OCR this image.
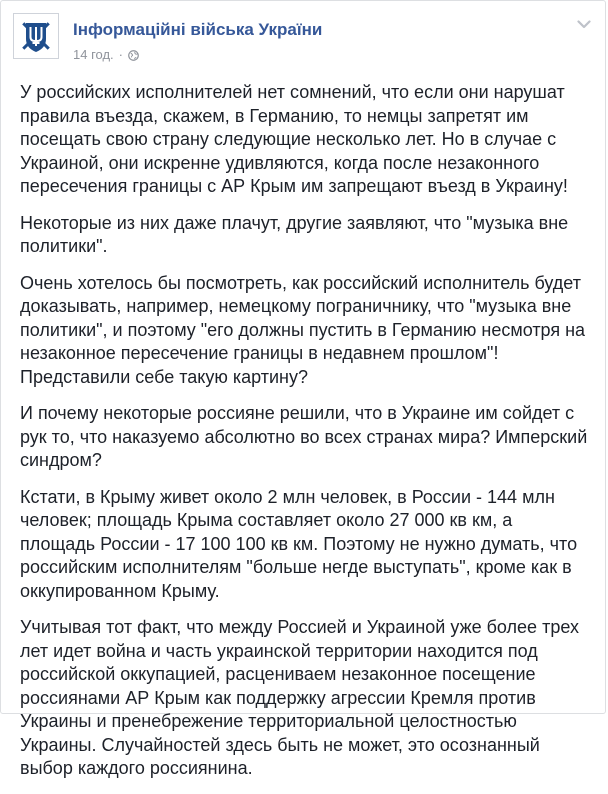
Інформаційні війська України
14 год. ·

У российских исполнителей нет сомнений, что если они нарушат правила въезда, скажем, в Германию, то немцы запретят им посещать свою страну следующие несколько лет. Но в случае с Украиной, они искренне удивляются, когда после незаконного пересечения границы с АР Крым им запрещают въезд в Украину!

Некоторые из них даже плачут, другие заявляют, что "музыка вне политики".

Очень хотелось бы посмотреть, как российский исполнитель будет доказывать, например, немецкому пограничнику, что "музыка вне политики", и поэтому "его должны пустить в Германию несмотря на незаконное пересечение границы в недавнем прошлом"! Представили себе такую картину?

И почему некоторые россияне решили, что в Украине им сойдет с рук то, что наказуемо абсолютно во всех странах мира? Имперский синдром?

Кстати, в Крыму живет около 2 млн человек, в России - 144 млн человек; площадь Крыма составляет около 27 000 кв км, а площадь России - 17 100 100 кв км. Поэтому не нужно думать, что российским исполнителям "больше негде выступать", кроме как в оккупированном Крыму.

Учитывая тот факт, что между Россией и Украиной уже более трех лет идет война и часть украинской территории находится под российской оккупацией, расцениваем незаконное посещение россиянами АР Крым как поддержку агрессии Кремля против Украины и пренебрежение территориальной целостностью Украины. Случайностей здесь быть не может, это осознанный выбор каждого россиянина.
